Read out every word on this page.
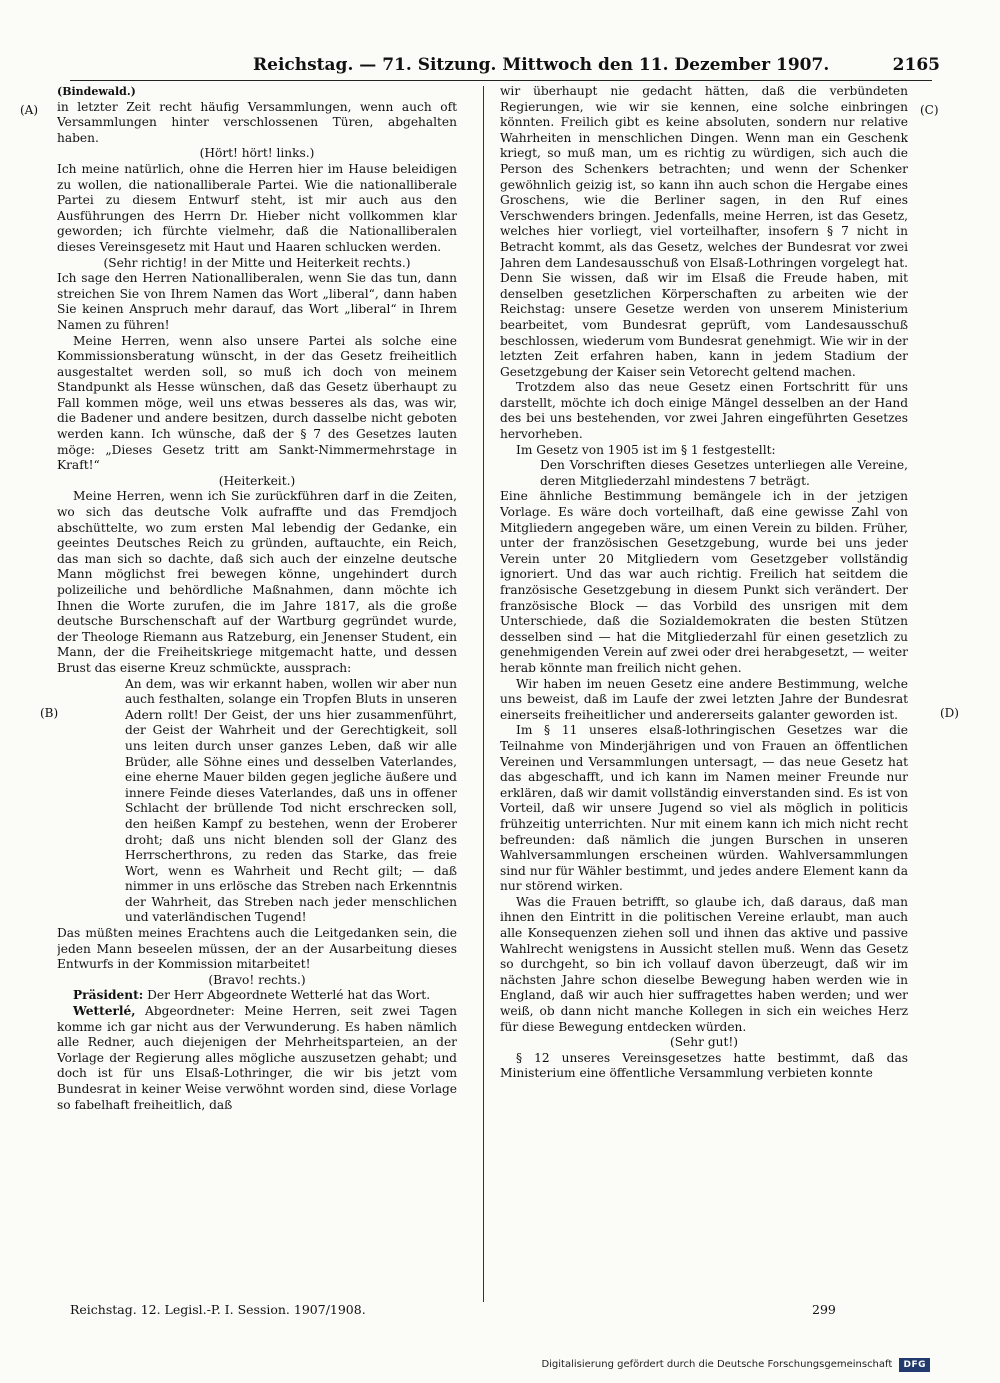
Reichstag. — 71. Sitzung. Mittwoch den 11. Dezember 1907.	2165
(A)
(B)
(C)
(D)

(Bindewald.)

in letzter Zeit recht häufig Versammlungen, wenn auch oft Versammlungen hinter verschlossenen Türen, abgehalten haben.

(Hört! hört! links.)

Ich meine natürlich, ohne die Herren hier im Hause beleidigen zu wollen, die nationalliberale Partei. Wie die nationalliberale Partei zu diesem Entwurf steht, ist mir auch aus den Ausführungen des Herrn Dr. Hieber nicht vollkommen klar geworden; ich fürchte vielmehr, daß die Nationalliberalen dieses Vereinsgesetz mit Haut und Haaren schlucken werden.

(Sehr richtig! in der Mitte und Heiterkeit rechts.)

Ich sage den Herren Nationalliberalen, wenn Sie das tun, dann streichen Sie von Ihrem Namen das Wort „liberal“, dann haben Sie keinen Anspruch mehr darauf, das Wort „liberal“ in Ihrem Namen zu führen!

Meine Herren, wenn also unsere Partei als solche eine Kommissionsberatung wünscht, in der das Gesetz freiheitlich ausgestaltet werden soll, so muß ich doch von meinem Standpunkt als Hesse wünschen, daß das Gesetz überhaupt zu Fall kommen möge, weil uns etwas besseres als das, was wir, die Badener und andere besitzen, durch dasselbe nicht geboten werden kann. Ich wünsche, daß der § 7 des Gesetzes lauten möge: „Dieses Gesetz tritt am Sankt-Nimmermehrstage in Kraft!“

(Heiterkeit.)

Meine Herren, wenn ich Sie zurückführen darf in die Zeiten, wo sich das deutsche Volk aufraffte und das Fremdjoch abschüttelte, wo zum ersten Mal lebendig der Gedanke, ein geeintes Deutsches Reich zu gründen, auftauchte, ein Reich, das man sich so dachte, daß sich auch der einzelne deutsche Mann möglichst frei bewegen könne, ungehindert durch polizeiliche und behördliche Maßnahmen, dann möchte ich Ihnen die Worte zurufen, die im Jahre 1817, als die große deutsche Burschenschaft auf der Wartburg gegründet wurde, der Theologe Riemann aus Ratzeburg, ein Jenenser Student, ein Mann, der die Freiheitskriege mitgemacht hatte, und dessen Brust das eiserne Kreuz schmückte, aussprach:

An dem, was wir erkannt haben, wollen wir aber nun auch festhalten, solange ein Tropfen Bluts in unseren Adern rollt! Der Geist, der uns hier zusammenführt, der Geist der Wahrheit und der Gerechtigkeit, soll uns leiten durch unser ganzes Leben, daß wir alle Brüder, alle Söhne eines und desselben Vaterlandes, eine eherne Mauer bilden gegen jegliche äußere und innere Feinde dieses Vaterlandes, daß uns in offener Schlacht der brüllende Tod nicht erschrecken soll, den heißen Kampf zu bestehen, wenn der Eroberer droht; daß uns nicht blenden soll der Glanz des Herrscherthrons, zu reden das Starke, das freie Wort, wenn es Wahrheit und Recht gilt; — daß nimmer in uns erlösche das Streben nach Erkenntnis der Wahrheit, das Streben nach jeder menschlichen und vaterländischen Tugend!

Das müßten meines Erachtens auch die Leitgedanken sein, die jeden Mann beseelen müssen, der an der Ausarbeitung dieses Entwurfs in der Kommission mitarbeitet!

(Bravo! rechts.)

Präsident: Der Herr Abgeordnete Wetterlé hat das Wort.

Wetterlé, Abgeordneter: Meine Herren, seit zwei Tagen komme ich gar nicht aus der Verwunderung. Es haben nämlich alle Redner, auch diejenigen der Mehrheitsparteien, an der Vorlage der Regierung alles mögliche auszusetzen gehabt; und doch ist für uns Elsaß-Lothringer, die wir bis jetzt vom Bundesrat in keiner Weise verwöhnt worden sind, diese Vorlage so fabelhaft freiheitlich, daß

wir überhaupt nie gedacht hätten, daß die verbündeten Regierungen, wie wir sie kennen, eine solche einbringen könnten. Freilich gibt es keine absoluten, sondern nur relative Wahrheiten in menschlichen Dingen. Wenn man ein Geschenk kriegt, so muß man, um es richtig zu würdigen, sich auch die Person des Schenkers betrachten; und wenn der Schenker gewöhnlich geizig ist, so kann ihn auch schon die Hergabe eines Groschens, wie die Berliner sagen, in den Ruf eines Verschwenders bringen. Jedenfalls, meine Herren, ist das Gesetz, welches hier vorliegt, viel vorteilhafter, insofern § 7 nicht in Betracht kommt, als das Gesetz, welches der Bundesrat vor zwei Jahren dem Landesausschuß von Elsaß-Lothringen vorgelegt hat. Denn Sie wissen, daß wir im Elsaß die Freude haben, mit denselben gesetzlichen Körperschaften zu arbeiten wie der Reichstag: unsere Gesetze werden von unserem Ministerium bearbeitet, vom Bundesrat geprüft, vom Landesausschuß beschlossen, wiederum vom Bundesrat genehmigt. Wie wir in der letzten Zeit erfahren haben, kann in jedem Stadium der Gesetzgebung der Kaiser sein Vetorecht geltend machen.

Trotzdem also das neue Gesetz einen Fortschritt für uns darstellt, möchte ich doch einige Mängel desselben an der Hand des bei uns bestehenden, vor zwei Jahren eingeführten Gesetzes hervorheben.

Im Gesetz von 1905 ist im § 1 festgestellt:

Den Vorschriften dieses Gesetzes unterliegen alle Vereine, deren Mitgliederzahl mindestens 7 beträgt.

Eine ähnliche Bestimmung bemängele ich in der jetzigen Vorlage. Es wäre doch vorteilhaft, daß eine gewisse Zahl von Mitgliedern angegeben wäre, um einen Verein zu bilden. Früher, unter der französischen Gesetzgebung, wurde bei uns jeder Verein unter 20 Mitgliedern vom Gesetzgeber vollständig ignoriert. Und das war auch richtig. Freilich hat seitdem die französische Gesetzgebung in diesem Punkt sich verändert. Der französische Block — das Vorbild des unsrigen mit dem Unterschiede, daß die Sozialdemokraten die besten Stützen desselben sind — hat die Mitgliederzahl für einen gesetzlich zu genehmigenden Verein auf zwei oder drei herabgesetzt, — weiter herab könnte man freilich nicht gehen.

Wir haben im neuen Gesetz eine andere Bestimmung, welche uns beweist, daß im Laufe der zwei letzten Jahre der Bundesrat einerseits freiheitlicher und andererseits galanter geworden ist.

Im § 11 unseres elsaß-lothringischen Gesetzes war die Teilnahme von Minderjährigen und von Frauen an öffentlichen Vereinen und Versammlungen untersagt, — das neue Gesetz hat das abgeschafft, und ich kann im Namen meiner Freunde nur erklären, daß wir damit vollständig einverstanden sind. Es ist von Vorteil, daß wir unsere Jugend so viel als möglich in politicis frühzeitig unterrichten. Nur mit einem kann ich mich nicht recht befreunden: daß nämlich die jungen Burschen in unseren Wahlversammlungen erscheinen würden. Wahlversammlungen sind nur für Wähler bestimmt, und jedes andere Element kann da nur störend wirken.

Was die Frauen betrifft, so glaube ich, daß daraus, daß man ihnen den Eintritt in die politischen Vereine erlaubt, man auch alle Konsequenzen ziehen soll und ihnen das aktive und passive Wahlrecht wenigstens in Aussicht stellen muß. Wenn das Gesetz so durchgeht, so bin ich vollauf davon überzeugt, daß wir im nächsten Jahre schon dieselbe Bewegung haben werden wie in England, daß wir auch hier suffragettes haben werden; und wer weiß, ob dann nicht manche Kollegen in sich ein weiches Herz für diese Bewegung entdecken würden.

(Sehr gut!)

§ 12 unseres Vereinsgesetzes hatte bestimmt, daß das Ministerium eine öffentliche Versammlung verbieten konnte

Reichstag. 12. Legisl.-P. I. Session. 1907/1908.	299
Digitalisierung gefördert durch die Deutsche Forschungsgemeinschaft DFG
